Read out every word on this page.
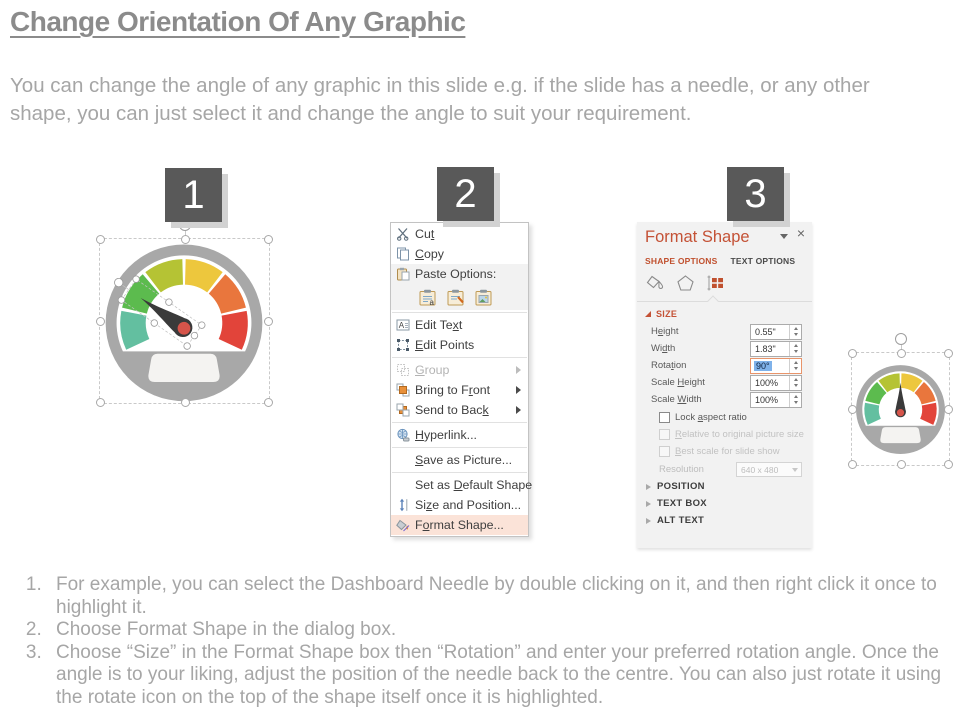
Change Orientation Of Any Graphic
You can change the angle of any graphic in this slide e.g. if the slide has a needle, or any other shape, you can just select it and change the angle to suit your requirement.
1	2	3
Cut
Copy
Paste Options:
a
A Edit Text
Edit Points
Group
Bring to Front
Send to Back
Hyperlink...
Save as Picture...
Set as Default Shape
Size and Position...
Format Shape...
Format Shape	×
SHAPE OPTIONS TEXT OPTIONS
SIZE
Height	0.55"
Width	1.83"
Rotation	90°
Scale Height	100%
Scale Width	100%
Lock aspect ratio
Relative to original picture size
Best scale for slide show
Resolution	640 x 480
POSITION
TEXT BOX
ALT TEXT
1. For example, you can select the Dashboard Needle by double clicking on it, and then right click it once to highlight it.
2. Choose Format Shape in the dialog box.
3. Choose “Size” in the Format Shape box then “Rotation” and enter your preferred rotation angle. Once the angle is to your liking, adjust the position of the needle back to the centre. You can also just rotate it using the rotate icon on the top of the shape itself once it is highlighted.
